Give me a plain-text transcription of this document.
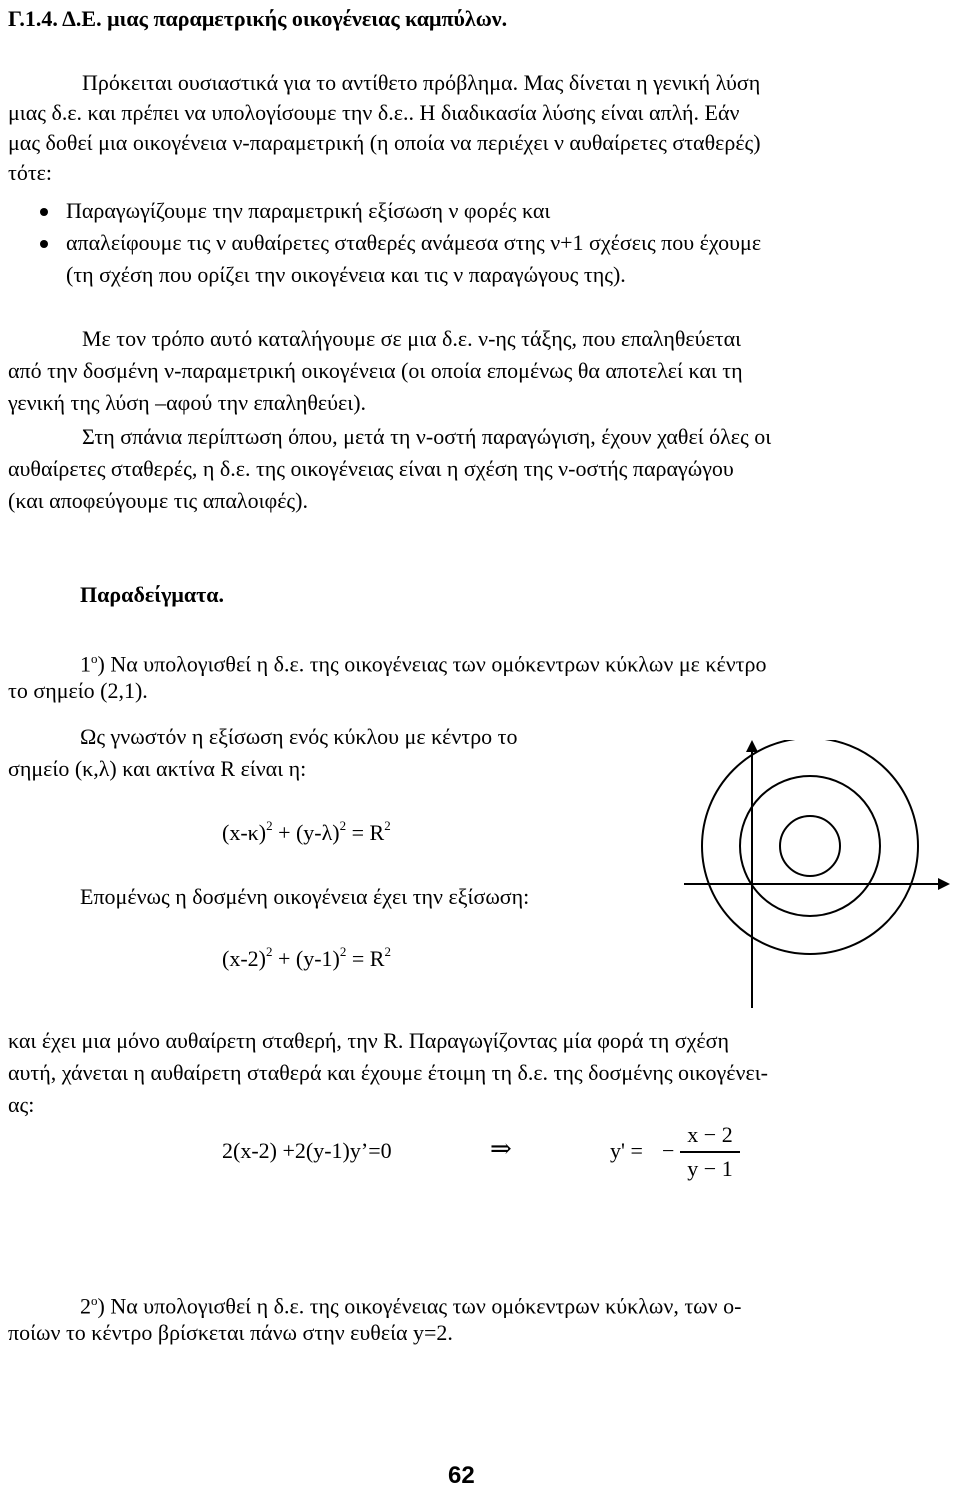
Γ.1.4. Δ.Ε. μιας παραμετρικής οικογένειας καμπύλων.
Πρόκειται ουσιαστικά για το αντίθετο πρόβλημα. Μας δίνεται η γενική λύση
μιας δ.ε. και πρέπει να υπολογίσουμε την δ.ε.. Η διαδικασία λύσης είναι απλή. Εάν
μας δοθεί μια οικογένεια ν-παραμετρική (η οποία να περιέχει ν αυθαίρετες σταθερές)
τότε:
Παραγωγίζουμε την παραμετρική εξίσωση ν φορές και
απαλείφουμε τις ν αυθαίρετες σταθερές ανάμεσα στης ν+1 σχέσεις που έχουμε
(τη σχέση που ορίζει την οικογένεια και τις ν παραγώγους της).
Με τον τρόπο αυτό καταλήγουμε σε μια δ.ε. ν-ης τάξης, που επαληθεύεται
από την δοσμένη ν-παραμετρική οικογένεια (οι οποία επομένως θα αποτελεί και τη
γενική της λύση –αφού την επαληθεύει).
Στη σπάνια περίπτωση όπου, μετά τη ν-οστή παραγώγιση, έχουν χαθεί όλες οι
αυθαίρετες σταθερές, η δ.ε. της οικογένειας είναι η σχέση της ν-οστής παραγώγου
(και αποφεύγουμε τις απαλοιφές).
Παραδείγματα.
$1^o$) Να υπολογισθεί η δ.ε. της οικογένειας των ομόκεντρων κύκλων με κέντρο
το σημείο (2,1).
Ως γνωστόν η εξίσωση ενός κύκλου με κέντρο το
σημείο (κ,λ) και ακτίνα R είναι η:
$(x-\kappa)^2 + (y-\lambda)^2 = R^2$
Επομένως η δοσμένη οικογένεια έχει την εξίσωση:
$(x-2)^2 + (y-1)^2 = R^2$
και έχει μια μόνο αυθαίρετη σταθερή, την R. Παραγωγίζοντας μία φορά τη σχέση
αυτή, χάνεται η αυθαίρετη σταθερά και έχουμε έτοιμη τη δ.ε. της δοσμένης οικογένει-
ας:
2(x-2) +2(y-1)y’=0	⇒	y' = −
x − 2
y − 1
$2^o$) Να υπολογισθεί η δ.ε. της οικογένειας των ομόκεντρων κύκλων, των ο-
ποίων το κέντρο βρίσκεται πάνω στην ευθεία y=2.
62
